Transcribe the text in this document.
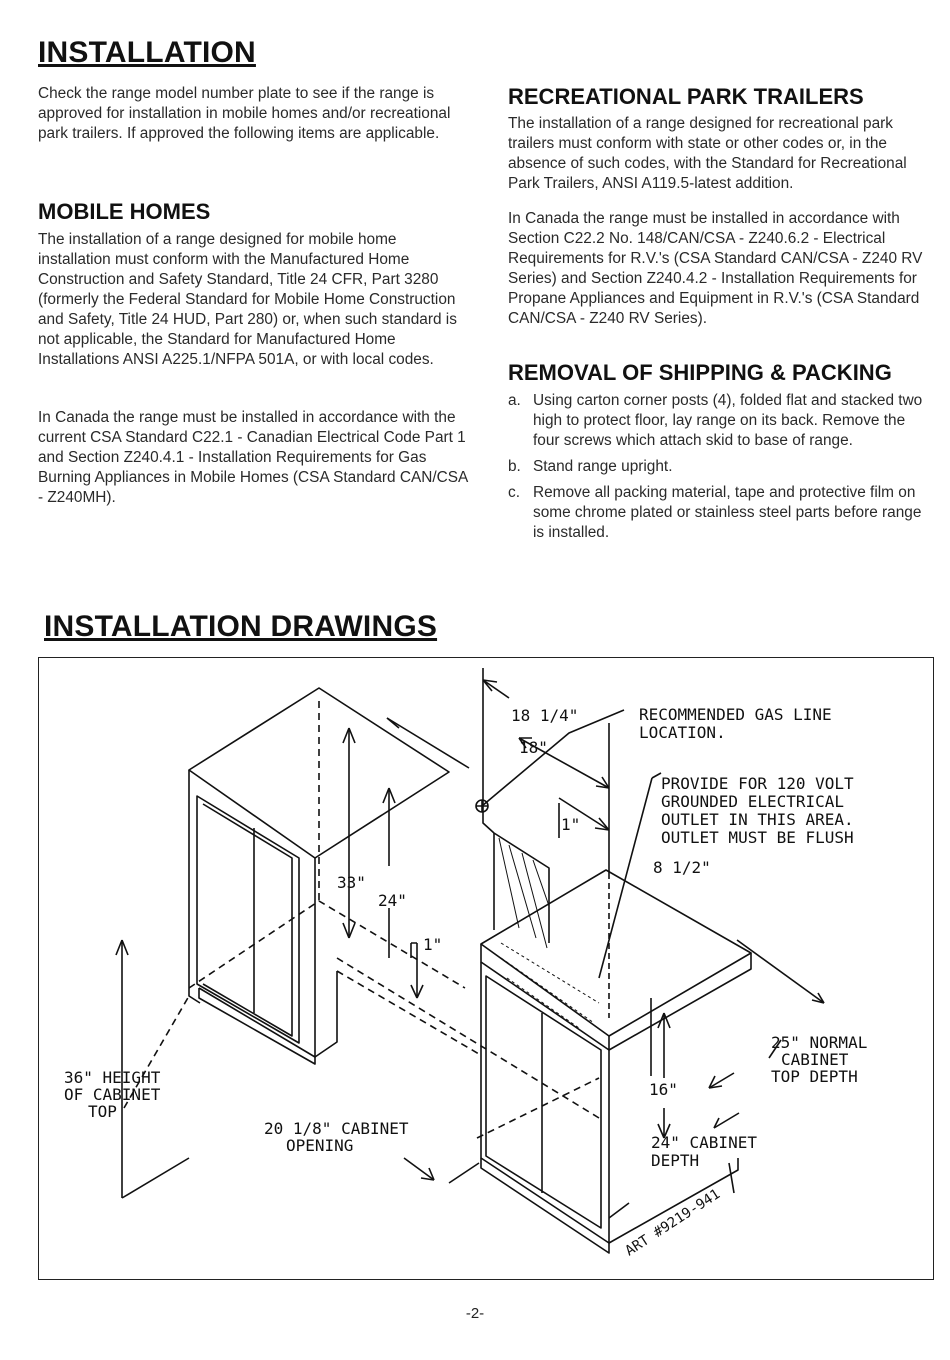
INSTALLATION

Check the range model number plate to see if the range is approved for installation in mobile homes and/or recreational park trailers. If approved the following items are applicable.

MOBILE HOMES

The installation of a range designed for mobile home installation must conform with the Manufactured Home Construction and Safety Standard, Title 24 CFR, Part 3280 (formerly the Federal Standard for Mobile Home Construction and Safety, Title 24 HUD, Part 280) or, when such standard is not applicable, the Standard for Manufactured Home Installations ANSI A225.1/NFPA 501A, or with local codes.

In Canada the range must be installed in accordance with the current CSA Standard C22.1 - Canadian Electrical Code Part 1 and Section Z240.4.1 - Installation Requirements for Gas Burning Appliances in Mobile Homes (CSA Standard CAN/CSA - Z240MH).

RECREATIONAL PARK TRAILERS

The installation of a range designed for recreational park trailers must conform with state or other codes or, in the absence of such codes, with the Standard for Recreational Park Trailers, ANSI A119.5-latest addition.

In Canada the range must be installed in accordance with Section C22.2 No. 148/CAN/CSA - Z240.6.2 - Electrical Requirements for R.V.'s (CSA Standard CAN/CSA - Z240 RV Series) and Section Z240.4.2 - Installation Requirements for Propane Appliances and Equipment in R.V.'s (CSA Standard CAN/CSA - Z240 RV Series).

REMOVAL OF SHIPPING & PACKING
a. Using carton corner posts (4), folded flat and stacked two high to protect floor, lay range on its back. Remove the four screws which attach skid to base of range.
b. Stand range upright.
c. Remove all packing material, tape and protective film on some chrome plated or stainless steel parts before range is installed.
INSTALLATION DRAWINGS
18 1/4"
18"
RECOMMENDED GAS LINE
LOCATION.
PROVIDE FOR 120 VOLT
GROUNDED ELECTRICAL
OUTLET IN THIS AREA.
OUTLET MUST BE FLUSH
1"
8 1/2"
33"
24"
1"
36" HEIGHT
OF CABINET
TOP
20 1/8" CABINET
OPENING
25" NORMAL
CABINET
TOP DEPTH
16"
24" CABINET
DEPTH
ART #9219-941
-2-
